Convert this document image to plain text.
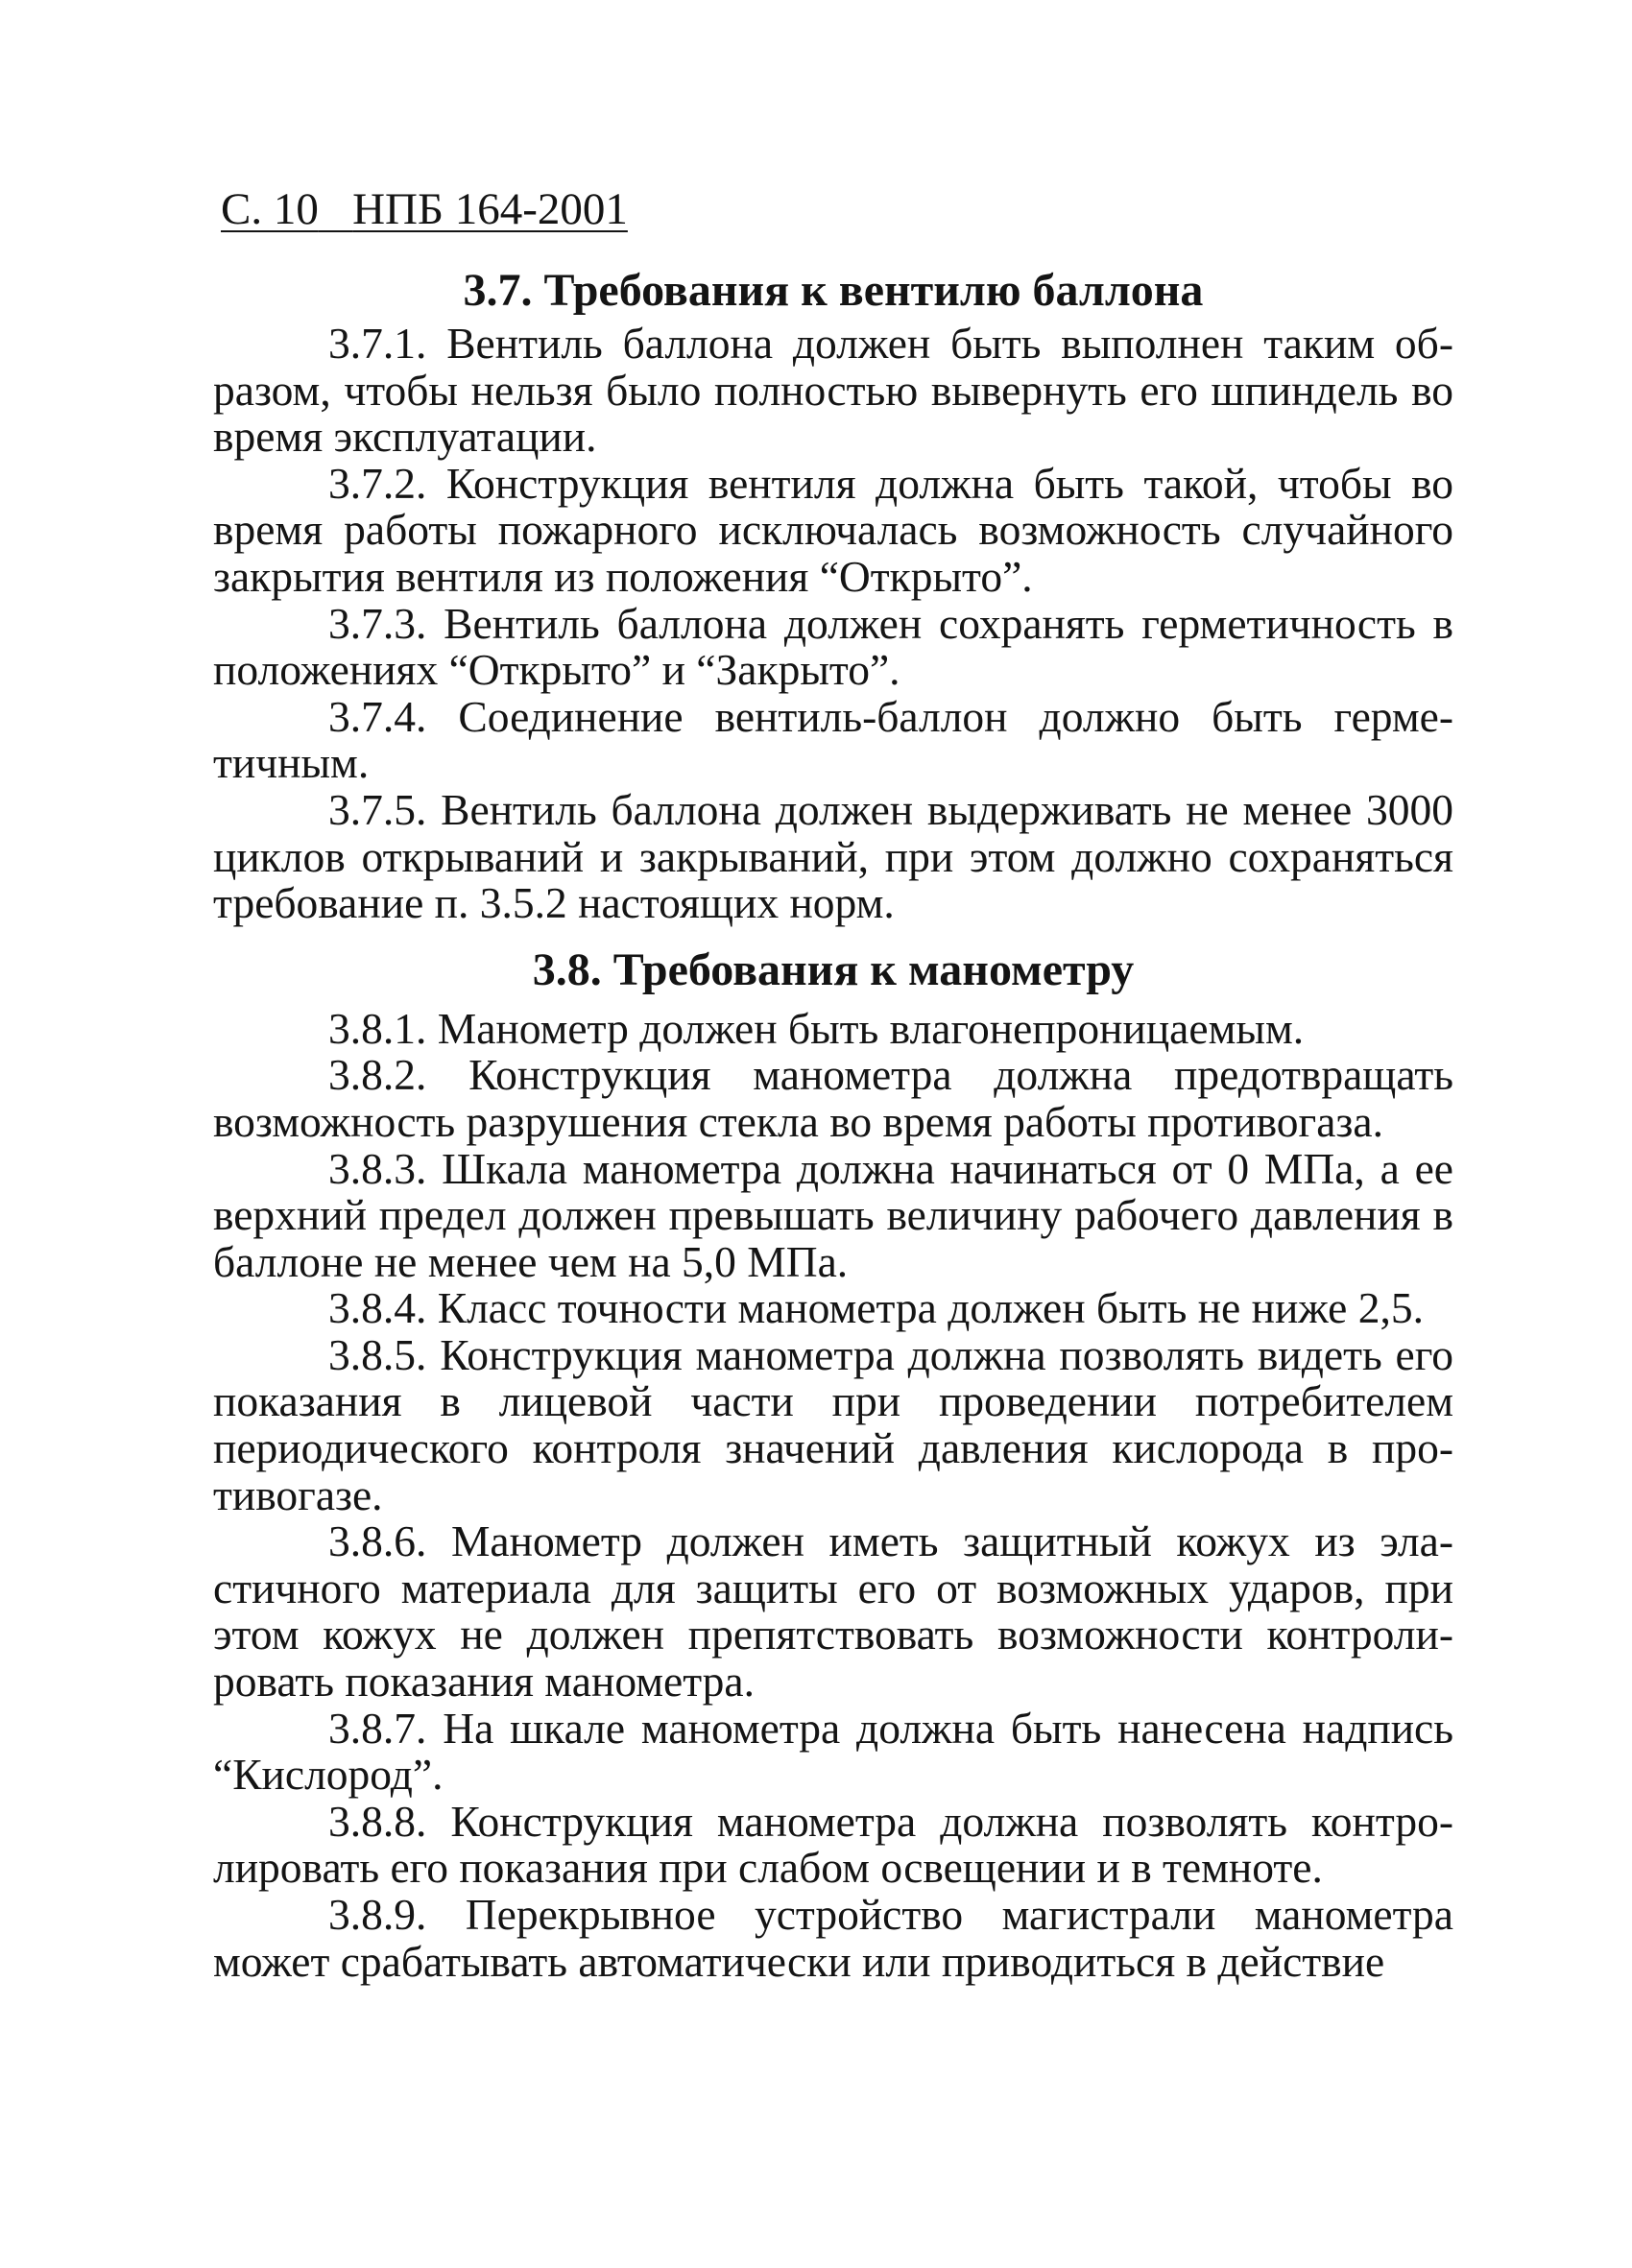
С. 10 НПБ 164-2001
3.7. Требования к вентилю баллона

3.7.1. Вентиль баллона должен быть выполнен таким образом, чтобы нельзя было полностью вывернуть его шпиндель во время эксплуатации.

3.7.2. Конструкция вентиля должна быть такой, чтобы во время работы пожарного исключалась возможность случайного закрытия вентиля из положения “Открыто”.

3.7.3. Вентиль баллона должен сохранять герметичность в положениях “Открыто” и “Закрыто”.

3.7.4. Соединение вентиль-баллон должно быть герметичным.

3.7.5. Вентиль баллона должен выдерживать не менее 3000 циклов открываний и закрываний, при этом должно сохраняться требование п. 3.5.2 настоящих норм.

3.8. Требования к манометру

3.8.1. Манометр должен быть влагонепроницаемым.

3.8.2. Конструкция манометра должна предотвращать возможность разрушения стекла во время работы противогаза.

3.8.3. Шкала манометра должна начинаться от 0 МПа, а ее верхний предел должен превышать величину рабочего давления в баллоне не менее чем на 5,0 МПа.

3.8.4. Класс точности манометра должен быть не ниже 2,5.

3.8.5. Конструкция манометра должна позволять видеть его показания в лицевой части при проведении потребителем периодического контроля значений давления кислорода в противогазе.

3.8.6. Манометр должен иметь защитный кожух из эластичного материала для защиты его от возможных ударов, при этом кожух не должен препятствовать возможности контролировать показания манометра.

3.8.7. На шкале манометра должна быть нанесена надпись “Кислород”.

3.8.8. Конструкция манометра должна позволять контролировать его показания при слабом освещении и в темноте.

3.8.9. Перекрывное устройство магистрали манометра может срабатывать автоматически или приводиться в действие
